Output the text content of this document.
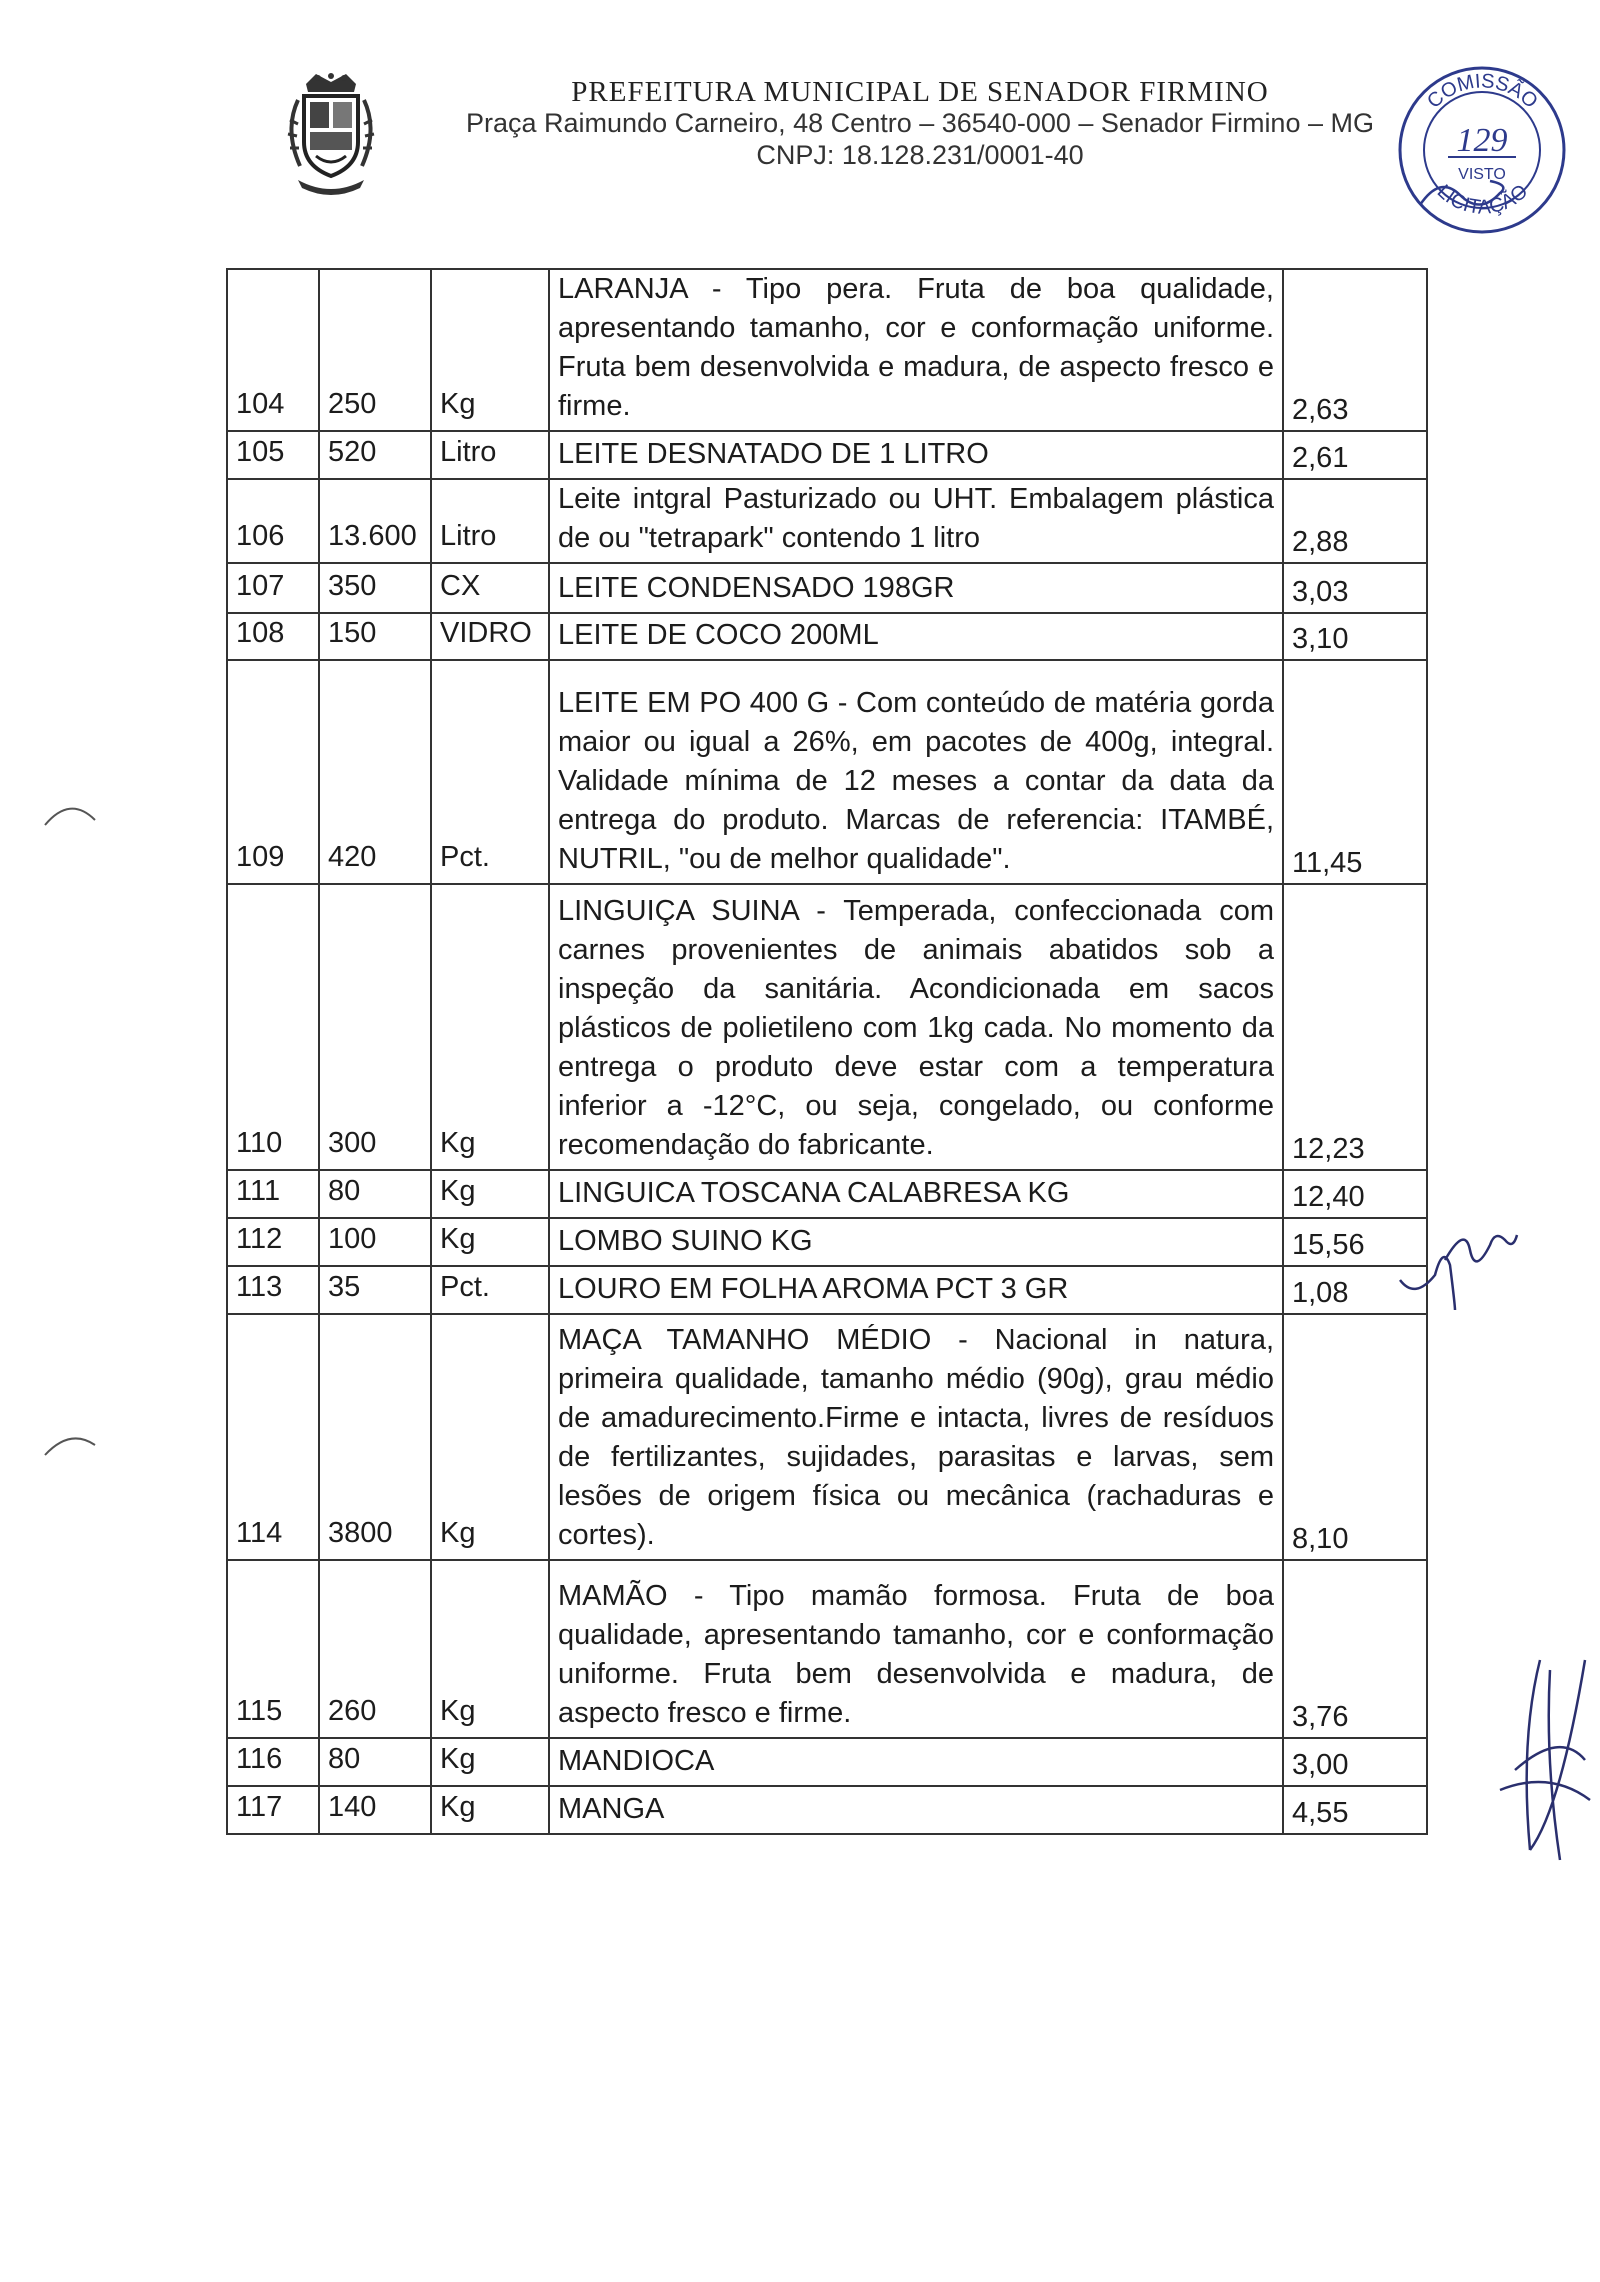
PREFEITURA MUNICIPAL DE SENADOR FIRMINO
Praça Raimundo Carneiro, 48 Centro – 36540-000 – Senador Firmino – MG
CNPJ: 18.128.231/0001-40
COMISSÃO
LICITAÇÃO
129
VISTO
104	250	Kg	LARANJA - Tipo pera. Fruta de boa qualidade, apresentando tamanho, cor e conformação uniforme. Fruta bem desenvolvida e madura, de aspecto fresco e firme.	2,63
105	520	Litro	LEITE DESNATADO DE 1 LITRO	2,61
106	13.600	Litro	Leite intgral Pasturizado ou UHT. Embalagem plástica de ou "tetrapark" contendo 1 litro	2,88
107	350	CX	LEITE CONDENSADO 198GR	3,03
108	150	VIDRO	LEITE DE COCO 200ML	3,10
109	420	Pct.	LEITE EM PO 400 G - Com conteúdo de matéria gorda maior ou igual a 26%, em pacotes de 400g, integral. Validade mínima de 12 meses a contar da data da entrega do produto. Marcas de referencia: ITAMBÉ, NUTRIL, "ou de melhor qualidade".	11,45
110	300	Kg	LINGUIÇA SUINA - Temperada, confeccionada com carnes provenientes de animais abatidos sob a inspeção da sanitária. Acondicionada em sacos plásticos de polietileno com 1kg cada. No momento da entrega o produto deve estar com a temperatura inferior a -12°C, ou seja, congelado, ou conforme recomendação do fabricante.	12,23
111	80	Kg	LINGUICA TOSCANA CALABRESA KG	12,40
112	100	Kg	LOMBO SUINO KG	15,56
113	35	Pct.	LOURO EM FOLHA AROMA PCT 3 GR	1,08
114	3800	Kg	MAÇA TAMANHO MÉDIO - Nacional in natura, primeira qualidade, tamanho médio (90g), grau médio de amadurecimento.Firme e intacta, livres de resíduos de fertilizantes, sujidades, parasitas e larvas, sem lesões de origem física ou mecânica (rachaduras e cortes).	8,10
115	260	Kg	MAMÃO - Tipo mamão formosa. Fruta de boa qualidade, apresentando tamanho, cor e conformação uniforme. Fruta bem desenvolvida e madura, de aspecto fresco e firme.	3,76
116	80	Kg	MANDIOCA	3,00
117	140	Kg	MANGA	4,55
